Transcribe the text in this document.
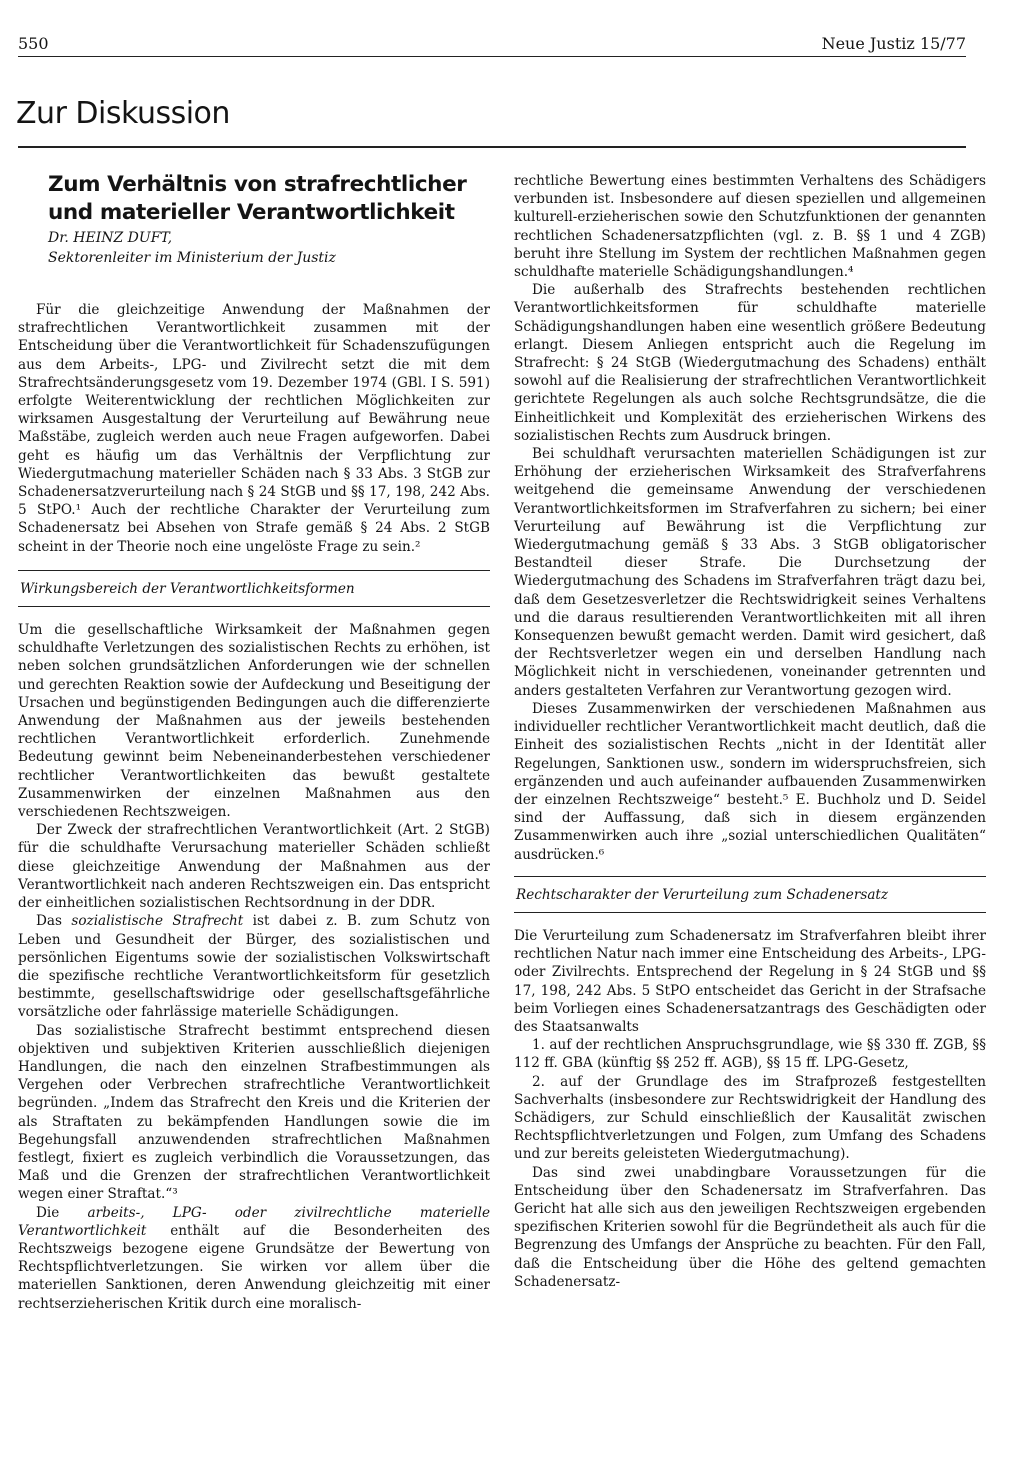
550	Neue Justiz 15/77
Zur Diskussion
Zum Verhältnis von strafrechtlicher
und materieller Verantwortlichkeit
Dr. HEINZ DUFT,
Sektorenleiter im Ministerium der Justiz

Für die gleichzeitige Anwendung der Maßnahmen der strafrechtlichen Verantwortlichkeit zusammen mit der Entscheidung über die Verantwortlichkeit für Schadenszufügungen aus dem Arbeits-, LPG- und Zivilrecht setzt die mit dem Strafrechtsänderungsgesetz vom 19. Dezember 1974 (GBl. I S. 591) erfolgte Weiterentwicklung der rechtlichen Möglichkeiten zur wirksamen Ausgestaltung der Verurteilung auf Bewährung neue Maßstäbe, zugleich werden auch neue Fragen aufgeworfen. Dabei geht es häufig um das Verhältnis der Verpflichtung zur Wiedergutmachung materieller Schäden nach § 33 Abs. 3 StGB zur Schadenersatzverurteilung nach § 24 StGB und §§ 17, 198, 242 Abs. 5 StPO.¹ Auch der rechtliche Charakter der Verurteilung zum Schadenersatz bei Absehen von Strafe gemäß § 24 Abs. 2 StGB scheint in der Theorie noch eine ungelöste Frage zu sein.²

Wirkungsbereich der Verantwortlichkeitsformen

Um die gesellschaftliche Wirksamkeit der Maßnahmen gegen schuldhafte Verletzungen des sozialistischen Rechts zu erhöhen, ist neben solchen grundsätzlichen Anforderungen wie der schnellen und gerechten Reaktion sowie der Aufdeckung und Beseitigung der Ursachen und begünstigenden Bedingungen auch die differenzierte Anwendung der Maßnahmen aus der jeweils bestehenden rechtlichen Verantwortlichkeit erforderlich. Zunehmende Bedeutung gewinnt beim Nebeneinanderbestehen verschiedener rechtlicher Verantwortlichkeiten das bewußt gestaltete Zusammenwirken der einzelnen Maßnahmen aus den verschiedenen Rechtszweigen.

Der Zweck der strafrechtlichen Verantwortlichkeit (Art. 2 StGB) für die schuldhafte Verursachung materieller Schäden schließt diese gleichzeitige Anwendung der Maßnahmen aus der Verantwortlichkeit nach anderen Rechtszweigen ein. Das entspricht der einheitlichen sozialistischen Rechtsordnung in der DDR.

Das sozialistische Strafrecht ist dabei z. B. zum Schutz von Leben und Gesundheit der Bürger, des sozialistischen und persönlichen Eigentums sowie der sozialistischen Volkswirtschaft die spezifische rechtliche Verantwortlichkeitsform für gesetzlich bestimmte, gesellschaftswidrige oder gesellschaftsgefährliche vorsätzliche oder fahrlässige materielle Schädigungen.

Das sozialistische Strafrecht bestimmt entsprechend diesen objektiven und subjektiven Kriterien ausschließlich diejenigen Handlungen, die nach den einzelnen Strafbestimmungen als Vergehen oder Verbrechen strafrechtliche Verantwortlichkeit begründen. „Indem das Strafrecht den Kreis und die Kriterien der als Straftaten zu bekämpfenden Handlungen sowie die im Begehungsfall anzuwendenden strafrechtlichen Maßnahmen festlegt, fixiert es zugleich verbindlich die Voraussetzungen, das Maß und die Grenzen der strafrechtlichen Verantwortlichkeit wegen einer Straftat.“³

Die arbeits-, LPG- oder zivilrechtliche materielle Verantwortlichkeit enthält auf die Besonderheiten des Rechtszweigs bezogene eigene Grundsätze der Bewertung von Rechtspflichtverletzungen. Sie wirken vor allem über die materiellen Sanktionen, deren Anwendung gleichzeitig mit einer rechtserzieherischen Kritik durch eine moralisch-

rechtliche Bewertung eines bestimmten Verhaltens des Schädigers verbunden ist. Insbesondere auf diesen speziellen und allgemeinen kulturell-erzieherischen sowie den Schutzfunktionen der genannten rechtlichen Schadenersatzpflichten (vgl. z. B. §§ 1 und 4 ZGB) beruht ihre Stellung im System der rechtlichen Maßnahmen gegen schuldhafte materielle Schädigungshandlungen.⁴

Die außerhalb des Strafrechts bestehenden rechtlichen Verantwortlichkeitsformen für schuldhafte materielle Schädigungshandlungen haben eine wesentlich größere Bedeutung erlangt. Diesem Anliegen entspricht auch die Regelung im Strafrecht: § 24 StGB (Wiedergutmachung des Schadens) enthält sowohl auf die Realisierung der strafrechtlichen Verantwortlichkeit gerichtete Regelungen als auch solche Rechtsgrundsätze, die die Einheitlichkeit und Komplexität des erzieherischen Wirkens des sozialistischen Rechts zum Ausdruck bringen.

Bei schuldhaft verursachten materiellen Schädigungen ist zur Erhöhung der erzieherischen Wirksamkeit des Strafverfahrens weitgehend die gemeinsame Anwendung der verschiedenen Verantwortlichkeitsformen im Strafverfahren zu sichern; bei einer Verurteilung auf Bewährung ist die Verpflichtung zur Wiedergutmachung gemäß § 33 Abs. 3 StGB obligatorischer Bestandteil dieser Strafe. Die Durchsetzung der Wiedergutmachung des Schadens im Strafverfahren trägt dazu bei, daß dem Gesetzesverletzer die Rechtswidrigkeit seines Verhaltens und die daraus resultierenden Verantwortlichkeiten mit all ihren Konsequenzen bewußt gemacht werden. Damit wird gesichert, daß der Rechtsverletzer wegen ein und derselben Handlung nach Möglichkeit nicht in verschiedenen, voneinander getrennten und anders gestalteten Verfahren zur Verantwortung gezogen wird.

Dieses Zusammenwirken der verschiedenen Maßnahmen aus individueller rechtlicher Verantwortlichkeit macht deutlich, daß die Einheit des sozialistischen Rechts „nicht in der Identität aller Regelungen, Sanktionen usw., sondern im widerspruchsfreien, sich ergänzenden und auch aufeinander aufbauenden Zusammenwirken der einzelnen Rechtszweige“ besteht.⁵ E. Buchholz und D. Seidel sind der Auffassung, daß sich in diesem ergänzenden Zusammenwirken auch ihre „sozial unterschiedlichen Qualitäten“ ausdrücken.⁶

Rechtscharakter der Verurteilung zum Schadenersatz

Die Verurteilung zum Schadenersatz im Strafverfahren bleibt ihrer rechtlichen Natur nach immer eine Entscheidung des Arbeits-, LPG- oder Zivilrechts. Entsprechend der Regelung in § 24 StGB und §§ 17, 198, 242 Abs. 5 StPO entscheidet das Gericht in der Strafsache beim Vorliegen eines Schadenersatzantrags des Geschädigten oder des Staatsanwalts

1. auf der rechtlichen Anspruchsgrundlage, wie §§ 330 ff. ZGB, §§ 112 ff. GBA (künftig §§ 252 ff. AGB), §§ 15 ff. LPG-Gesetz,
2. auf der Grundlage des im Strafprozeß festgestellten Sachverhalts (insbesondere zur Rechtswidrigkeit der Handlung des Schädigers, zur Schuld einschließlich der Kausalität zwischen Rechtspflichtverletzungen und Folgen, zum Umfang des Schadens und zur bereits geleisteten Wiedergutmachung).

Das sind zwei unabdingbare Voraussetzungen für die Entscheidung über den Schadenersatz im Strafverfahren. Das Gericht hat alle sich aus den jeweiligen Rechtszweigen ergebenden spezifischen Kriterien sowohl für die Begründetheit als auch für die Begrenzung des Umfangs der Ansprüche zu beachten. Für den Fall, daß die Entscheidung über die Höhe des geltend gemachten Schadenersatz-
